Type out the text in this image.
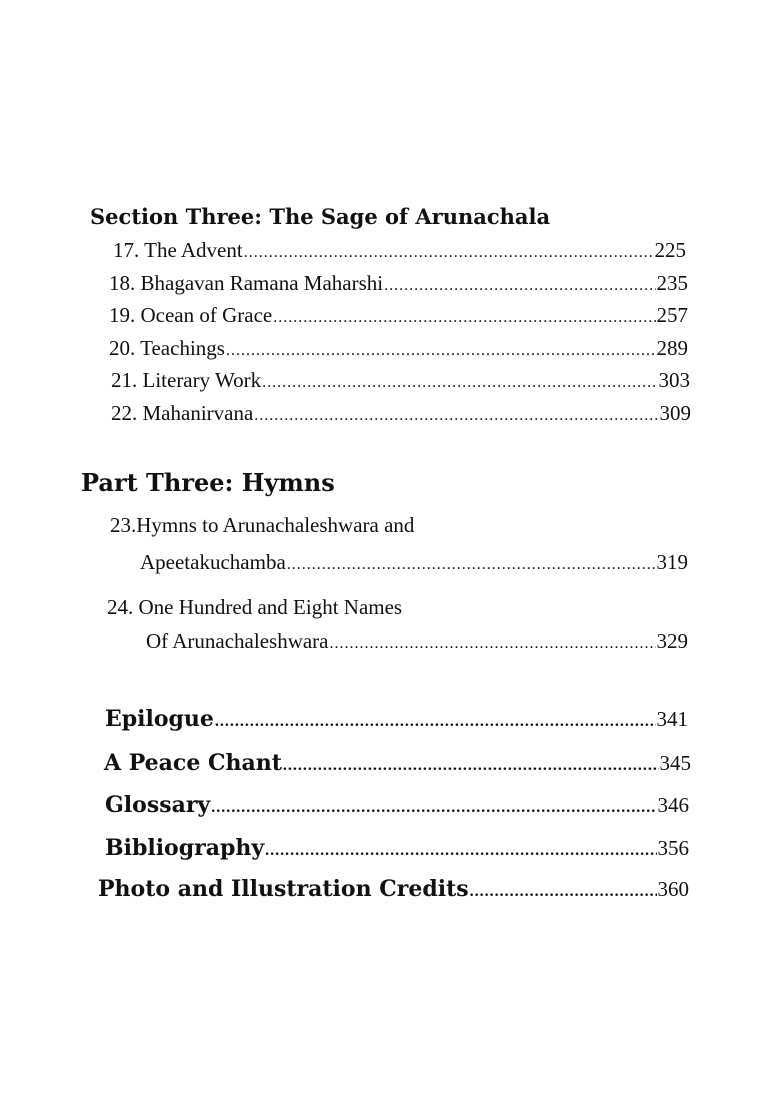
Section Three: The Sage of Arunachala
17. The Advent .....	225
18. Bhagavan Ramana Maharshi .....	235
19. Ocean of Grace .....	257
20. Teachings .....	289
21. Literary Work .....	303
22. Mahanirvana .....	309
Part Three: Hymns
23.Hymns to Arunachaleshwara and
Apeetakuchamba .....	319
24. One Hundred and Eight Names
Of Arunachaleshwara .....	329
Epilogue .....	341
A Peace Chant .....	345
Glossary .....	346
Bibliography .....	356
Photo and Illustration Credits .....	360
